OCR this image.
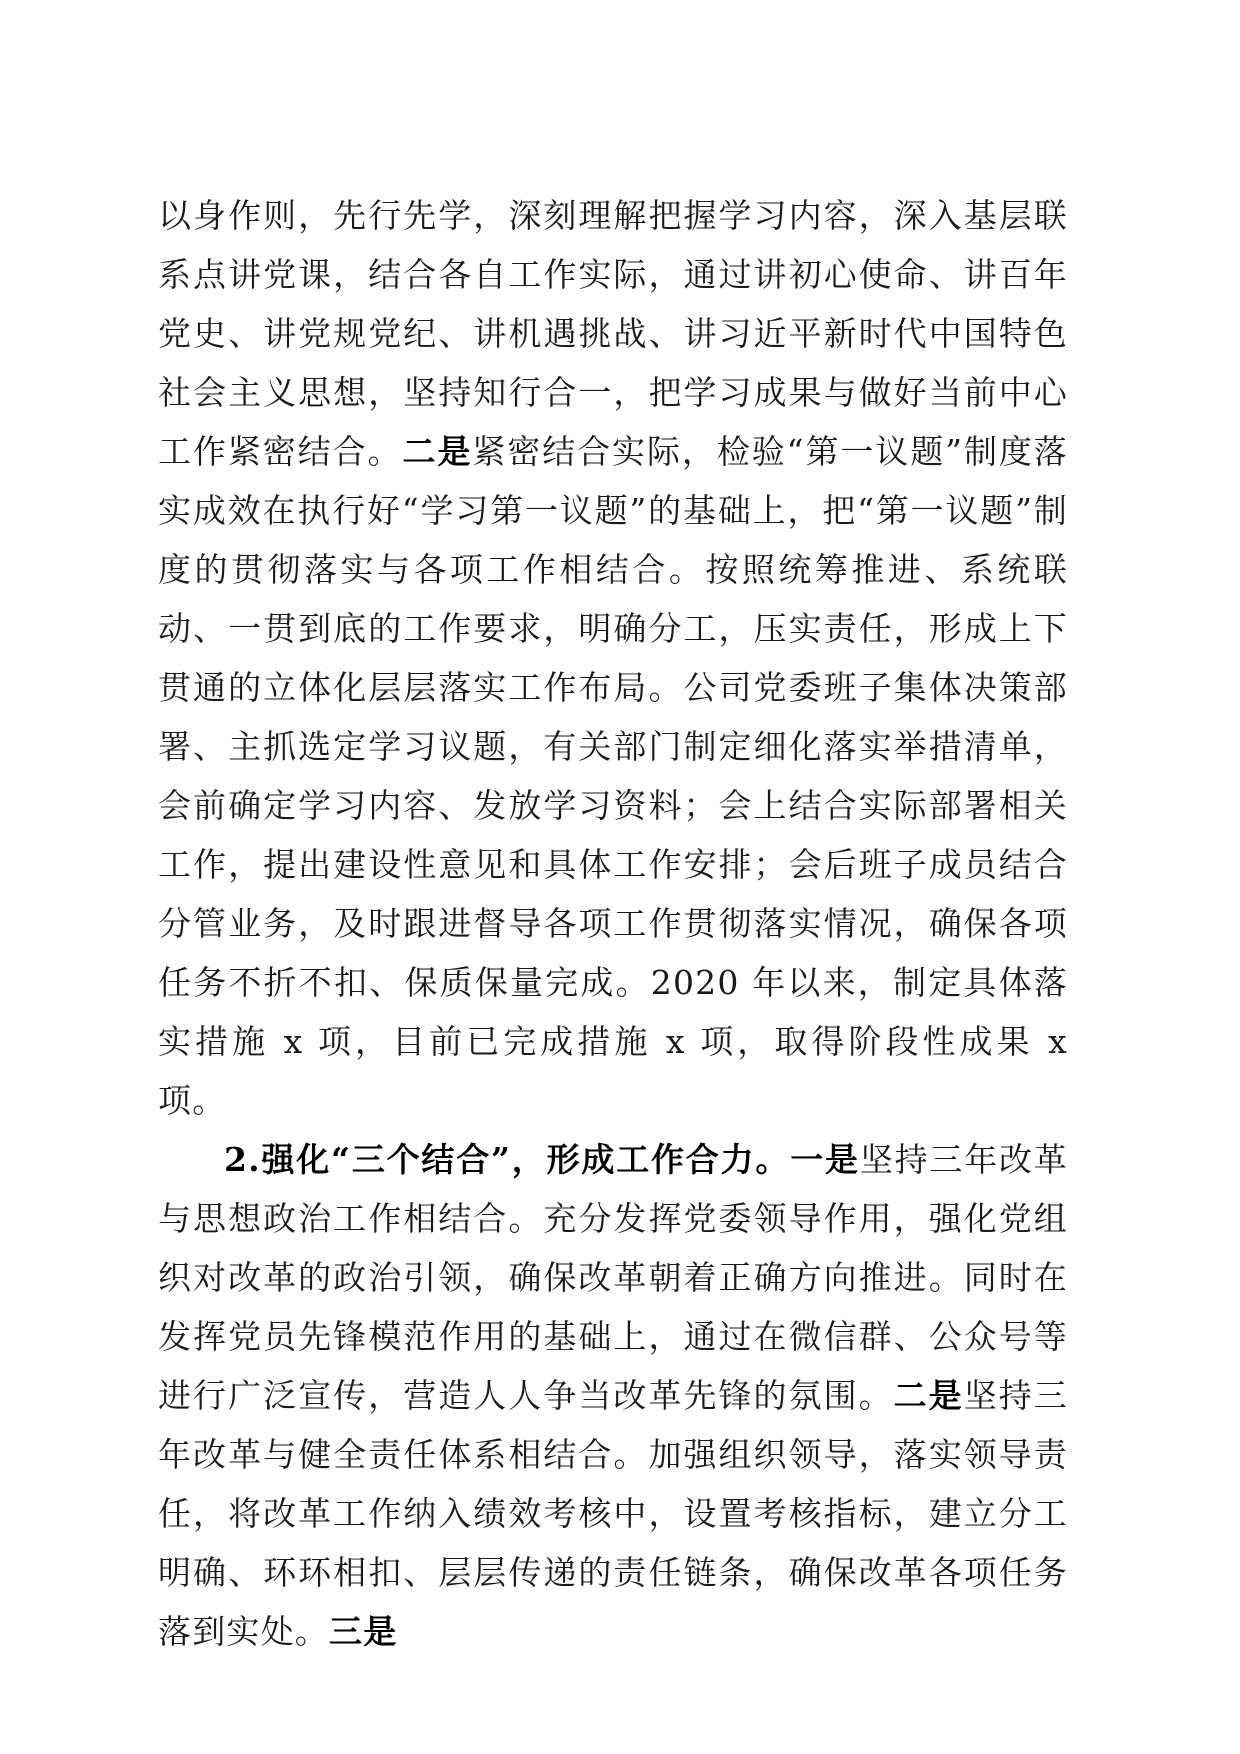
以身作则，先行先学，深刻理解把握学习内容，深入基层联系点讲党课，结合各自工作实际，通过讲初心使命、讲百年党史、讲党规党纪、讲机遇挑战、讲习近平新时代中国特色社会主义思想，坚持知行合一，把学习成果与做好当前中心工作紧密结合。二是紧密结合实际，检验“第一议题”制度落实成效在执行好“学习第一议题”的基础上，把“第一议题”制度的贯彻落实与各项工作相结合。按照统筹推进、系统联动、一贯到底的工作要求，明确分工，压实责任，形成上下贯通的立体化层层落实工作布局。公司党委班子集体决策部署、主抓选定学习议题，有关部门制定细化落实举措清单，会前确定学习内容、发放学习资料；会上结合实际部署相关工作，提出建设性意见和具体工作安排；会后班子成员结合分管业务，及时跟进督导各项工作贯彻落实情况，确保各项任务不折不扣、保质保量完成。2020 年以来，制定具体落实措施 x 项，目前已完成措施 x 项，取得阶段性成果 x 项。

2.强化“三个结合”，形成工作合力。一是坚持三年改革与思想政治工作相结合。充分发挥党委领导作用，强化党组织对改革的政治引领，确保改革朝着正确方向推进。同时在发挥党员先锋模范作用的基础上，通过在微信群、公众号等进行广泛宣传，营造人人争当改革先锋的氛围。二是坚持三年改革与健全责任体系相结合。加强组织领导，落实领导责任，将改革工作纳入绩效考核中，设置考核指标，建立分工明确、环环相扣、层层传递的责任链条，确保改革各项任务落到实处。三是
